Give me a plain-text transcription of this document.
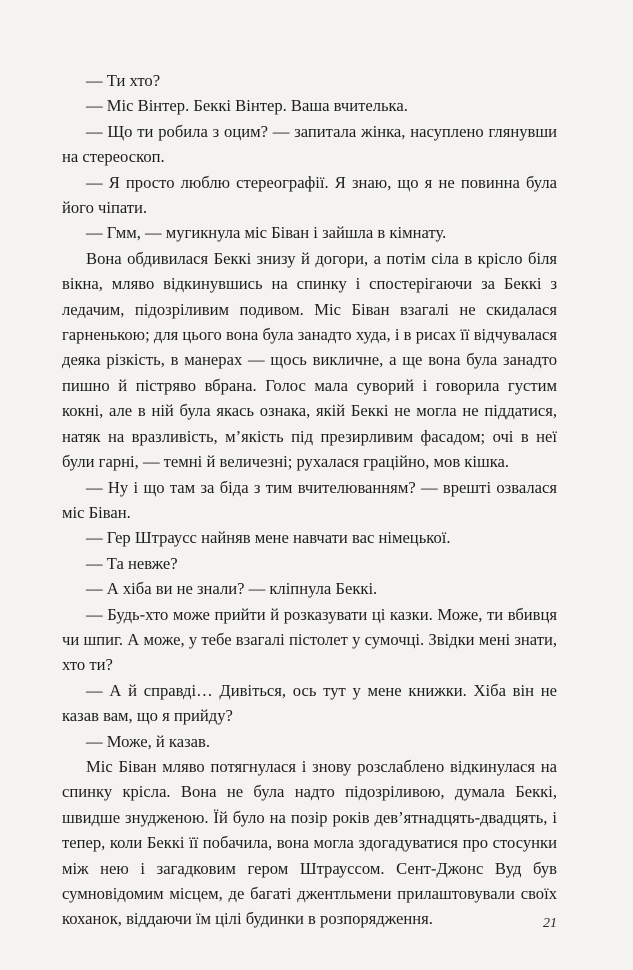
— Ти хто?

— Міс Вінтер. Беккі Вінтер. Ваша вчителька.

— Що ти робила з оцим? — запитала жінка, насуплено глянувши на стереоскоп.

— Я просто люблю стереографії. Я знаю, що я не повинна була його чіпати.

— Гмм, — мугикнула міс Біван і зайшла в кімнату.

Вона обдивилася Беккі знизу й догори, а потім сіла в крісло біля вікна, мляво відкинувшись на спинку і спостерігаючи за Беккі з ледачим, підозріливим подивом. Міс Біван взагалі не скидалася гарненькою; для цього вона була занадто худа, і в рисах її відчувалася деяка різкість, в манерах — щось викличне, а ще вона була занадто пишно й пістряво вбрана. Голос мала суворий і говорила густим кокні, але в ній була якась ознака, якій Беккі не могла не піддатися, натяк на вразливість, м’якість під презирливим фасадом; очі в неї були гарні, — темні й величезні; рухалася граційно, мов кішка.

— Ну і що там за біда з тим вчителюванням? — врешті озвалася міс Біван.

— Гер Штраусс найняв мене навчати вас німецької.

— Та невже?

— А хіба ви не знали? — кліпнула Беккі.

— Будь-хто може прийти й розказувати ці казки. Може, ти вбивця чи шпиг. А може, у тебе взагалі пістолет у сумочці. Звідки мені знати, хто ти?

— А й справді… Дивіться, ось тут у мене книжки. Хіба він не казав вам, що я прийду?

— Може, й казав.

Міс Біван мляво потягнулася і знову розслаблено відкинулася на спинку крісла. Вона не була надто підозріливою, думала Беккі, швидше знудженою. Їй було на позір років дев’ятнадцять-двадцять, і тепер, коли Беккі її побачила, вона могла здогадуватися про стосунки між нею і загадковим гером Штрауссом. Сент-Джонс Вуд був сумновідомим місцем, де багаті джентльмени прилаштовували своїх коханок, віддаючи їм цілі будинки в розпорядження.	21
